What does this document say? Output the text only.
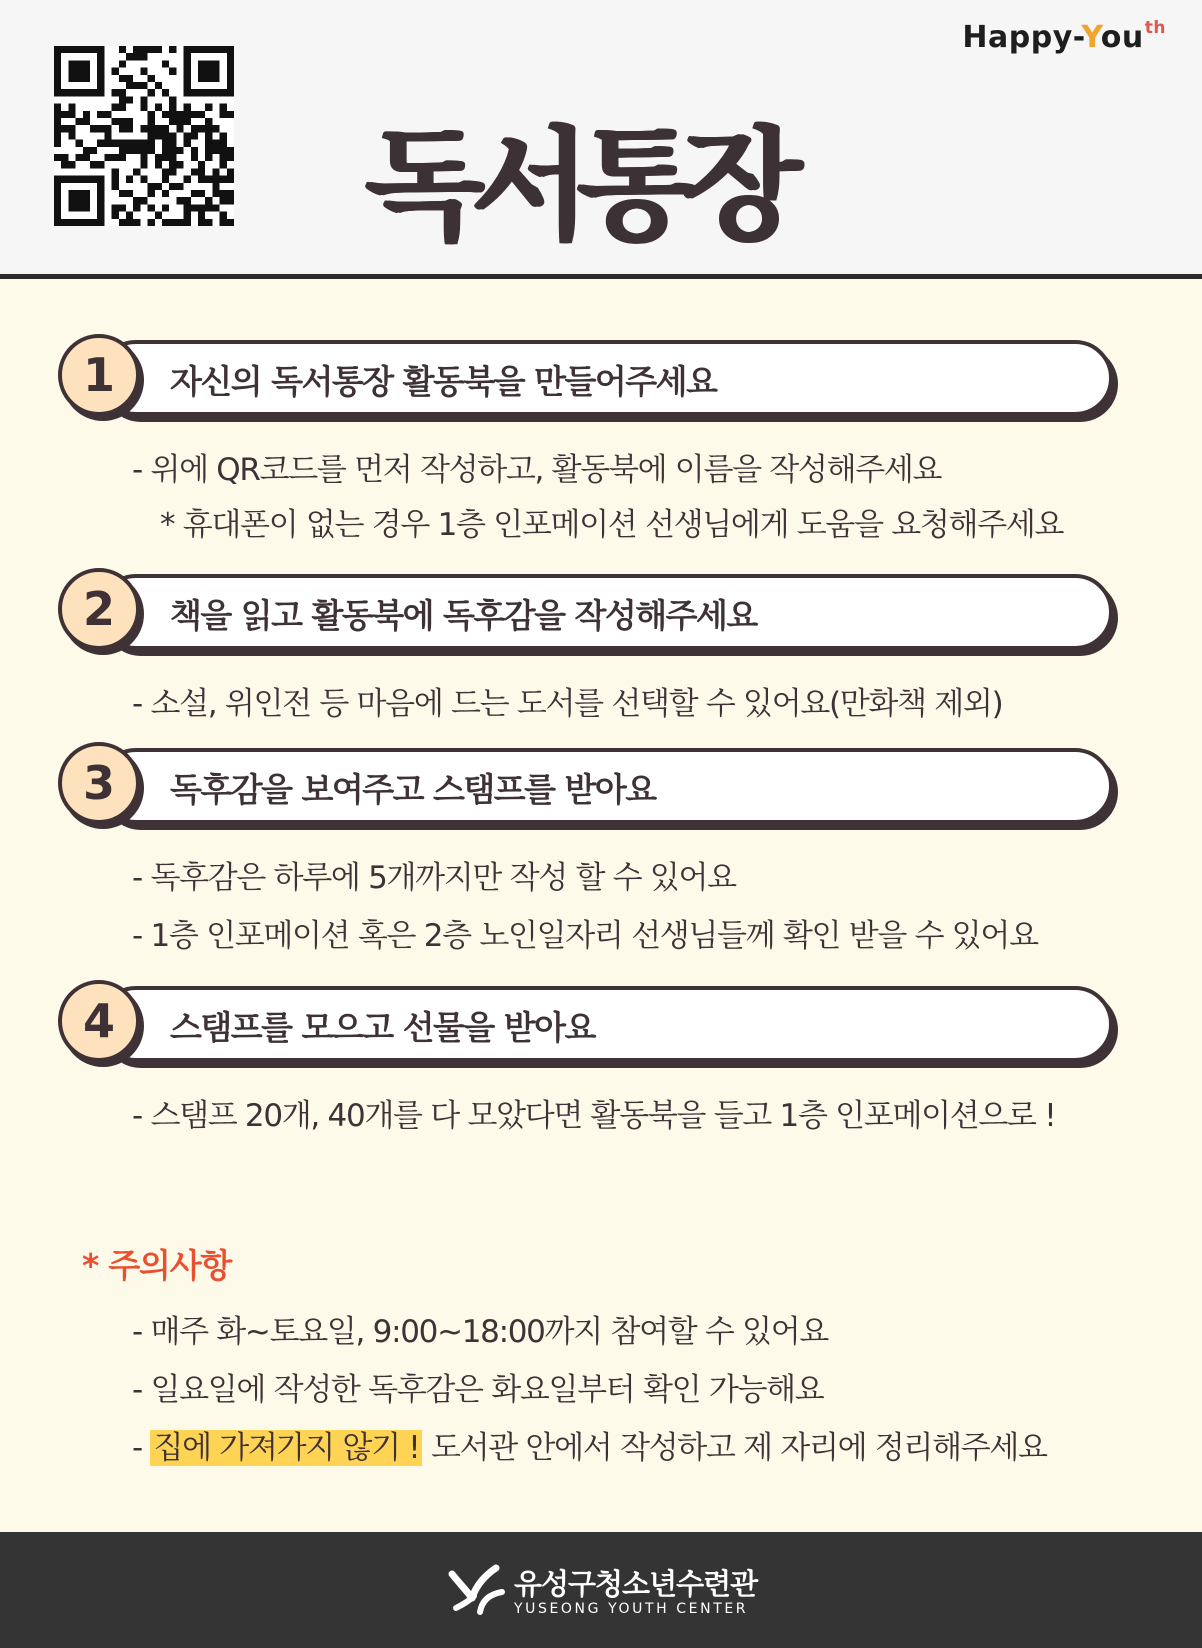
Happy-You$^{th}$
독서통장
1	자신의 독서통장 활동북을 만들어주세요
- 위에 QR코드를 먼저 작성하고, 활동북에 이름을 작성해주세요
* 휴대폰이 없는 경우 1층 인포메이션 선생님에게 도움을 요청해주세요
2	책을 읽고 활동북에 독후감을 작성해주세요
- 소설, 위인전 등 마음에 드는 도서를 선택할 수 있어요(만화책 제외)
3	독후감을 보여주고 스탬프를 받아요
- 독후감은 하루에 5개까지만 작성 할 수 있어요
- 1층 인포메이션 혹은 2층 노인일자리 선생님들께 확인 받을 수 있어요
4	스탬프를 모으고 선물을 받아요
- 스탬프 20개, 40개를 다 모았다면 활동북을 들고 1층 인포메이션으로 !
* 주의사항
- 매주 화~토요일, 9:00~18:00까지 참여할 수 있어요
- 일요일에 작성한 독후감은 화요일부터 확인 가능해요
- 집에 가져가지 않기 ! 도서관 안에서 작성하고 제 자리에 정리해주세요
유성구청소년수련관
YUSEONG YOUTH CENTER
